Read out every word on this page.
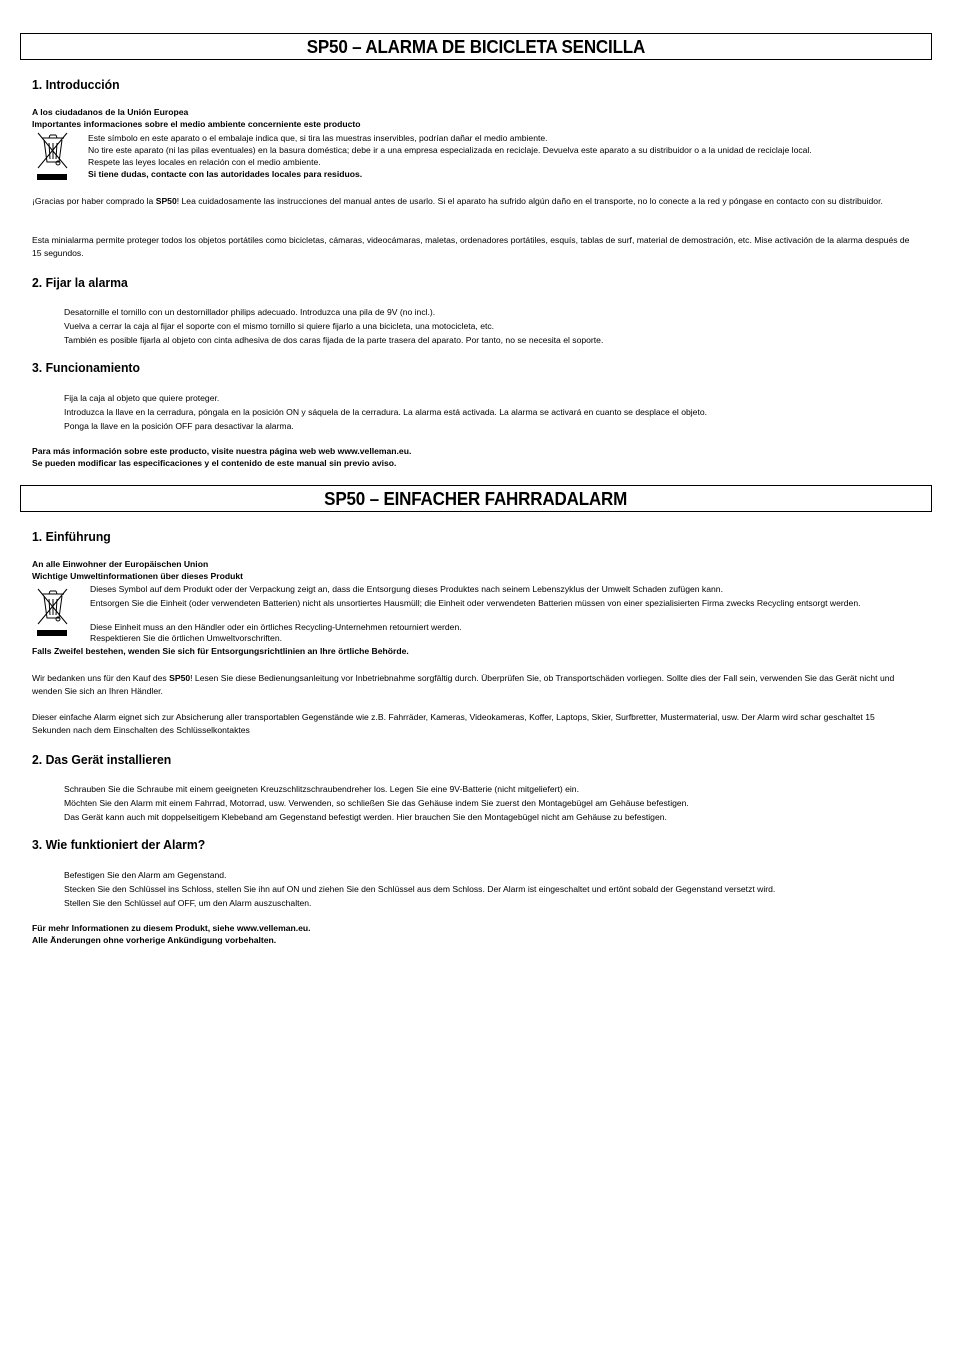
SP50 – ALARMA DE BICICLETA SENCILLA
1. Introducción

A los ciudadanos de la Unión Europea

Importantes informaciones sobre el medio ambiente concerniente este producto

Este símbolo en este aparato o el embalaje indica que, si tira las muestras inservibles, podrían dañar el medio ambiente.

No tire este aparato (ni las pilas eventuales) en la basura doméstica; debe ir a una empresa especializada en reciclaje. Devuelva este aparato a su distribuidor o a la unidad de reciclaje local.

Respete las leyes locales en relación con el medio ambiente.

Si tiene dudas, contacte con las autoridades locales para residuos.

¡Gracias por haber comprado la SP50! Lea cuidadosamente las instrucciones del manual antes de usarlo. Si el aparato ha sufrido algún daño en el transporte, no lo conecte a la red y póngase en contacto con su distribuidor.

Esta minialarma permite proteger todos los objetos portátiles como bicicletas, cámaras, videocámaras, maletas, ordenadores portátiles, esquís, tablas de surf, material de demostración, etc. Mise activación de la alarma después de 15 segundos.

2. Fijar la alarma

Desatornille el tornillo con un destornillador philips adecuado. Introduzca una pila de 9V (no incl.).

Vuelva a cerrar la caja al fijar el soporte con el mismo tornillo si quiere fijarlo a una bicicleta, una motocicleta, etc.

También es posible fijarla al objeto con cinta adhesiva de dos caras fijada de la parte trasera del aparato. Por tanto, no se necesita el soporte.

3. Funcionamiento

Fija la caja al objeto que quiere proteger.

Introduzca la llave en la cerradura, póngala en la posición ON y sáquela de la cerradura. La alarma está activada. La alarma se activará en cuanto se desplace el objeto.

Ponga la llave en la posición OFF para desactivar la alarma.

Para más información sobre este producto, visite nuestra página web web www.velleman.eu.

Se pueden modificar las especificaciones y el contenido de este manual sin previo aviso.

SP50 – EINFACHER FAHRRADALARM
1. Einführung

An alle Einwohner der Europäischen Union

Wichtige Umweltinformationen über dieses Produkt

Dieses Symbol auf dem Produkt oder der Verpackung zeigt an, dass die Entsorgung dieses Produktes nach seinem Lebenszyklus der Umwelt Schaden zufügen kann.

Entsorgen Sie die Einheit (oder verwendeten Batterien) nicht als unsortiertes Hausmüll; die Einheit oder verwendeten Batterien müssen von einer spezialisierten Firma zwecks Recycling entsorgt werden.

Diese Einheit muss an den Händler oder ein örtliches Recycling-Unternehmen retourniert werden.

Respektieren Sie die örtlichen Umweltvorschriften.

Falls Zweifel bestehen, wenden Sie sich für Entsorgungsrichtlinien an Ihre örtliche Behörde.

Wir bedanken uns für den Kauf des SP50! Lesen Sie diese Bedienungsanleitung vor Inbetriebnahme sorgfältig durch. Überprüfen Sie, ob Transportschäden vorliegen. Sollte dies der Fall sein, verwenden Sie das Gerät nicht und wenden Sie sich an Ihren Händler.

Dieser einfache Alarm eignet sich zur Absicherung aller transportablen Gegenstände wie z.B. Fahrräder, Kameras, Videokameras, Koffer, Laptops, Skier, Surfbretter, Mustermaterial, usw. Der Alarm wird schar geschaltet 15 Sekunden nach dem Einschalten des Schlüsselkontaktes

2. Das Gerät installieren

Schrauben Sie die Schraube mit einem geeigneten Kreuzschlitzschraubendreher los. Legen Sie eine 9V-Batterie (nicht mitgeliefert) ein.

Möchten Sie den Alarm mit einem Fahrrad, Motorrad, usw. Verwenden, so schließen Sie das Gehäuse indem Sie zuerst den Montagebügel am Gehäuse befestigen.

Das Gerät kann auch mit doppelseitigem Klebeband am Gegenstand befestigt werden. Hier brauchen Sie den Montagebügel nicht am Gehäuse zu befestigen.

3. Wie funktioniert der Alarm?

Befestigen Sie den Alarm am Gegenstand.

Stecken Sie den Schlüssel ins Schloss, stellen Sie ihn auf ON und ziehen Sie den Schlüssel aus dem Schloss. Der Alarm ist eingeschaltet und ertönt sobald der Gegenstand versetzt wird.

Stellen Sie den Schlüssel auf OFF, um den Alarm auszuschalten.

Für mehr Informationen zu diesem Produkt, siehe www.velleman.eu.

Alle Änderungen ohne vorherige Ankündigung vorbehalten.
